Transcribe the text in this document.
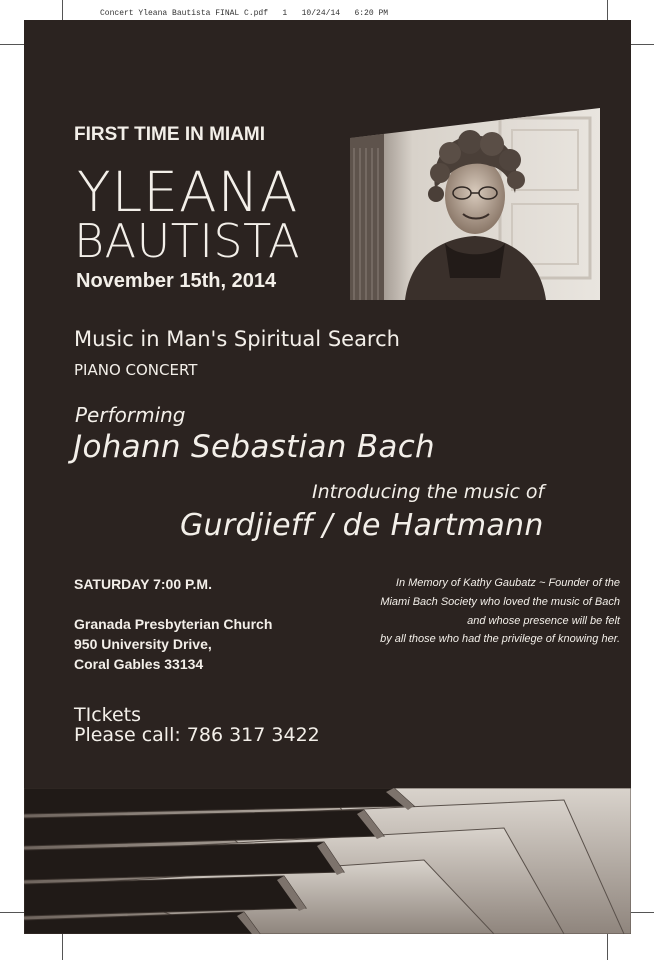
Concert Yleana Bautista FINAL C.pdf   1   10/24/14   6:20 PM
FIRST TIME IN MIAMI
YLEANA
BAUTISTA
November 15th, 2014
Music in Man's Spiritual Search
PIANO CONCERT
Performing
Johann Sebastian Bach
Introducing the music of
Gurdjieff / de Hartmann
SATURDAY 7:00 P.M.
Granada Presbyterian Church
950 University Drive,
Coral Gables 33134
In Memory of Kathy Gaubatz ~ Founder of the
Miami Bach Society who loved the music of Bach
and whose presence will be felt
by all those who had the privilege of knowing her.
TIckets
Please call: 786 317 3422
